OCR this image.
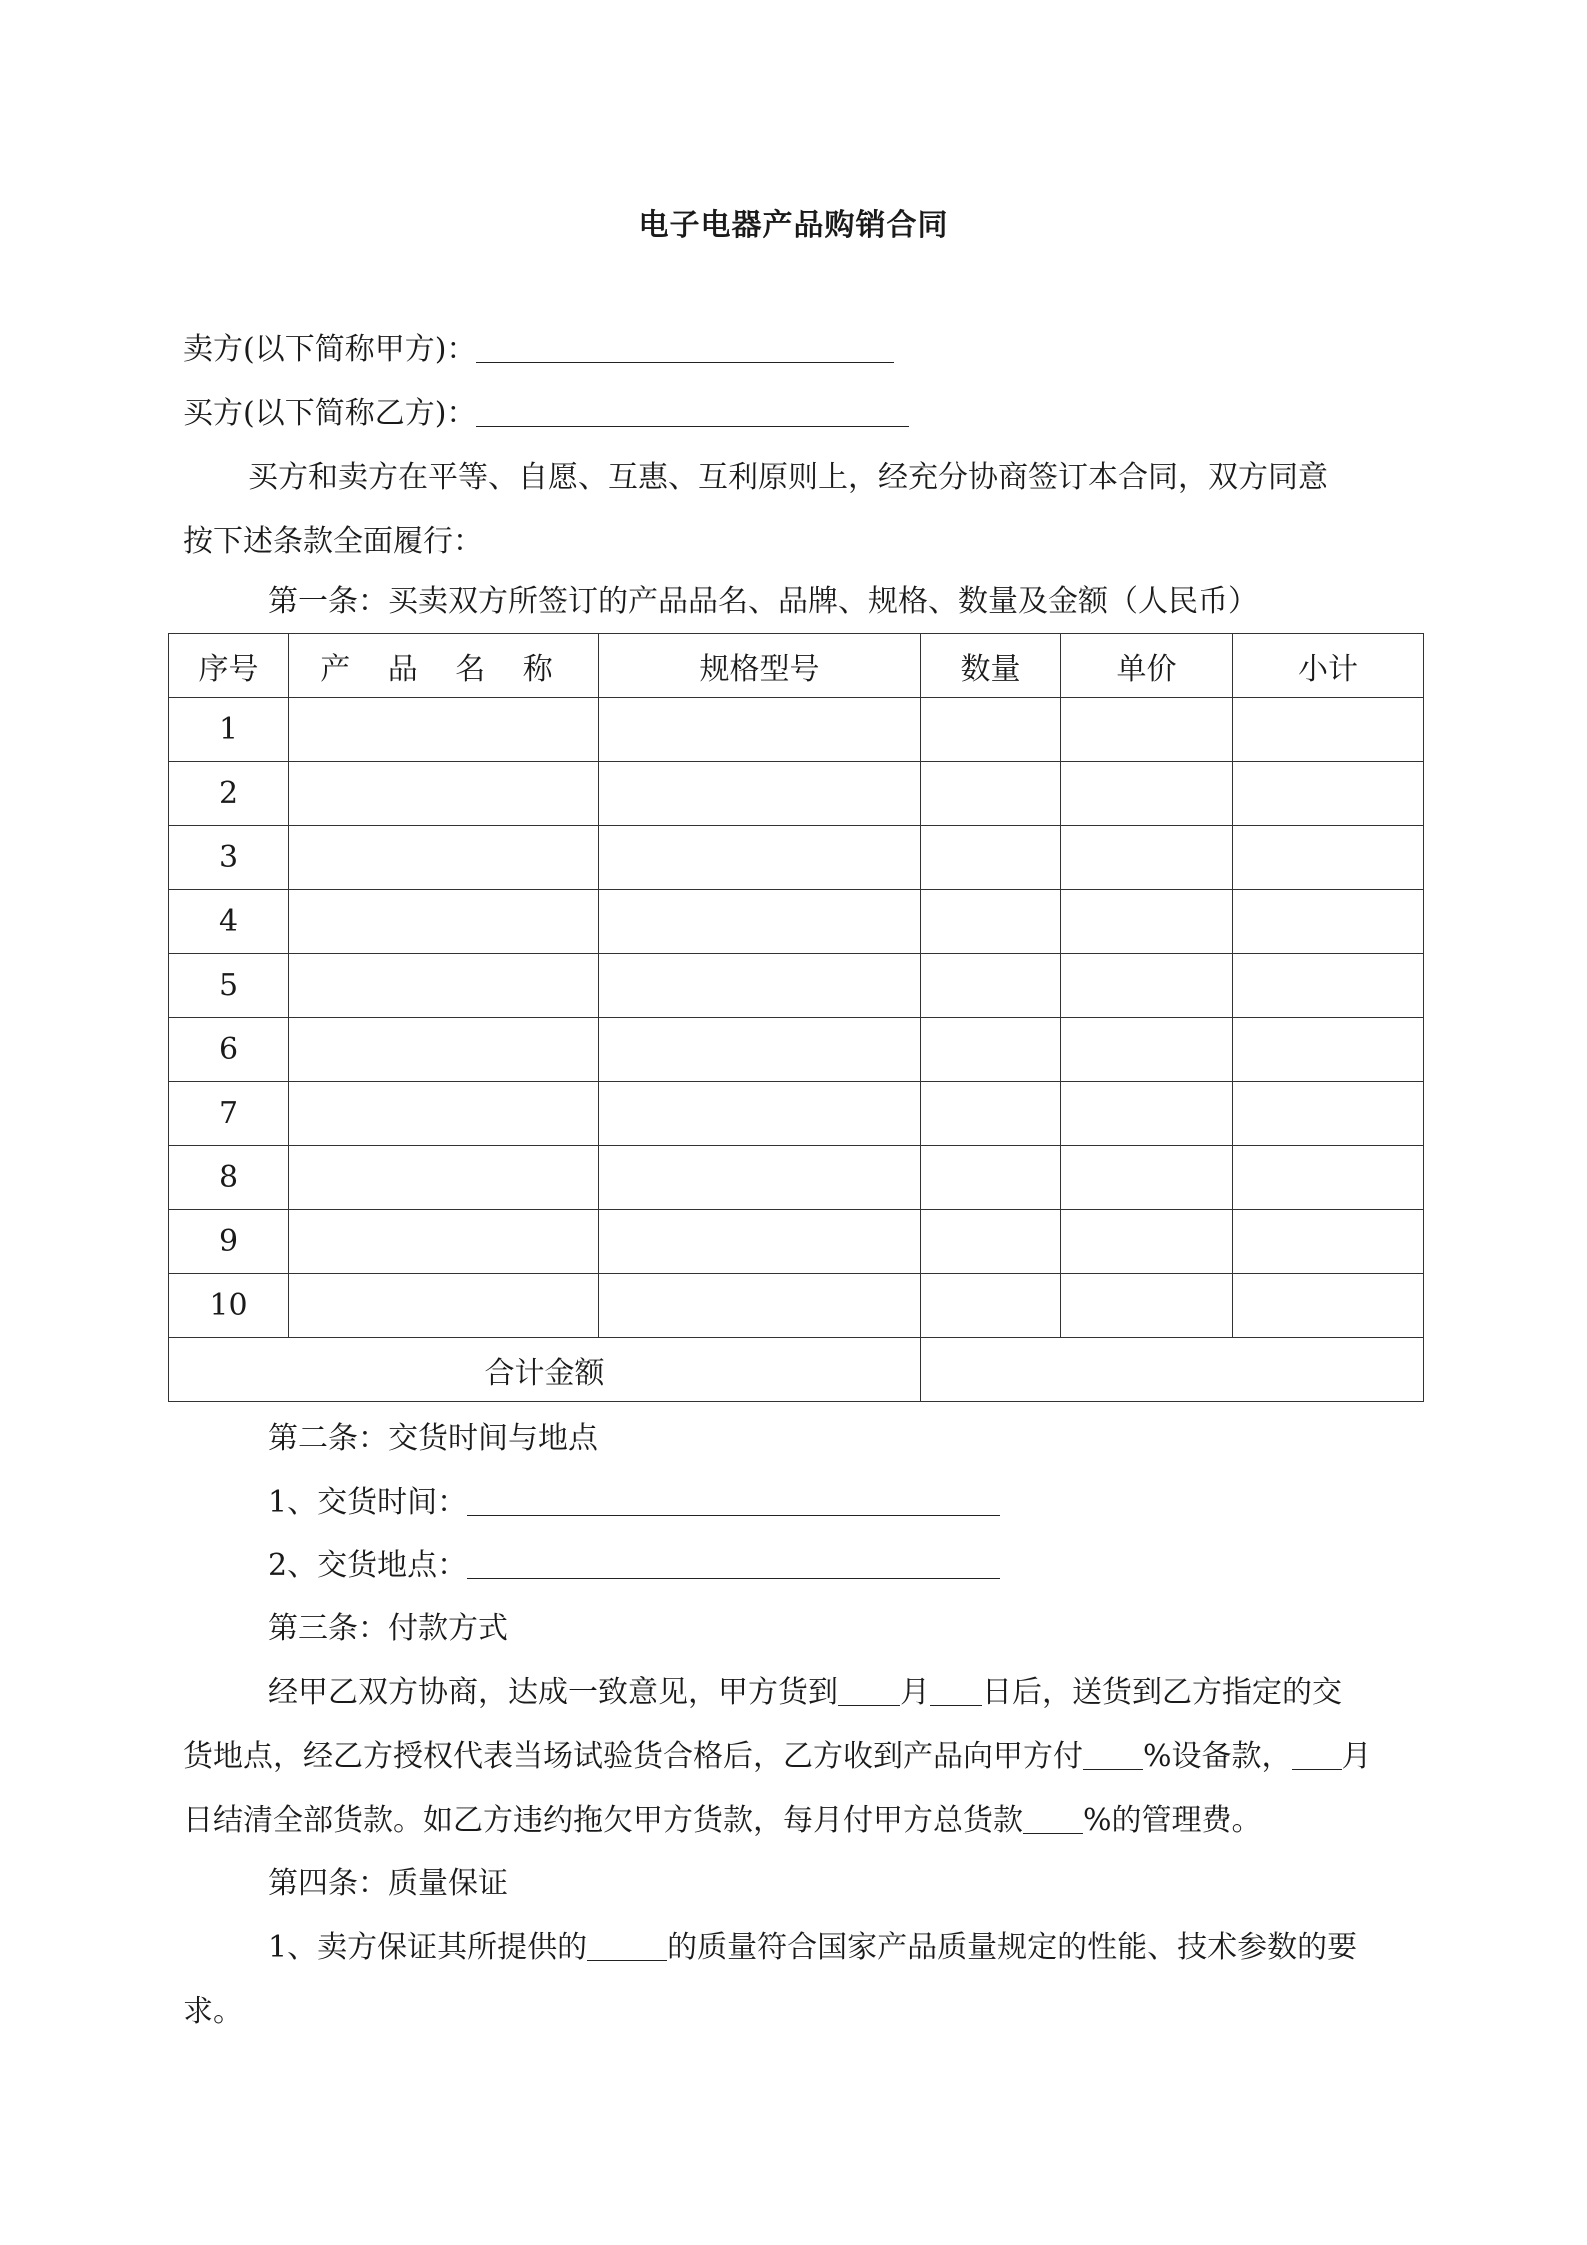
电子电器产品购销合同
卖方(以下简称甲方)：
买方(以下简称乙方)：
买方和卖方在平等、自愿、互惠、互利原则上，经充分协商签订本合同，双方同意
按下述条款全面履行：
第一条：买卖双方所签订的产品品名、品牌、规格、数量及金额（人民币）
序号	产 品 名 称	规格型号	数量	单价	小计
1					
2					
3					
4					
5					
6					
7					
8					
9					
10					
合计金额					
第二条：交货时间与地点
1、交货时间：
2、交货地点：
第三条：付款方式
经甲乙双方协商，达成一致意见，甲方货到 月 日后，送货到乙方指定的交
货地点，经乙方授权代表当场试验货合格后，乙方收到产品向甲方付 %设备款， 月
日结清全部货款。如乙方违约拖欠甲方货款，每月付甲方总货款 %的管理费。
第四条：质量保证
1、卖方保证其所提供的	的质量符合国家产品质量规定的性能、技术参数的要
求。
